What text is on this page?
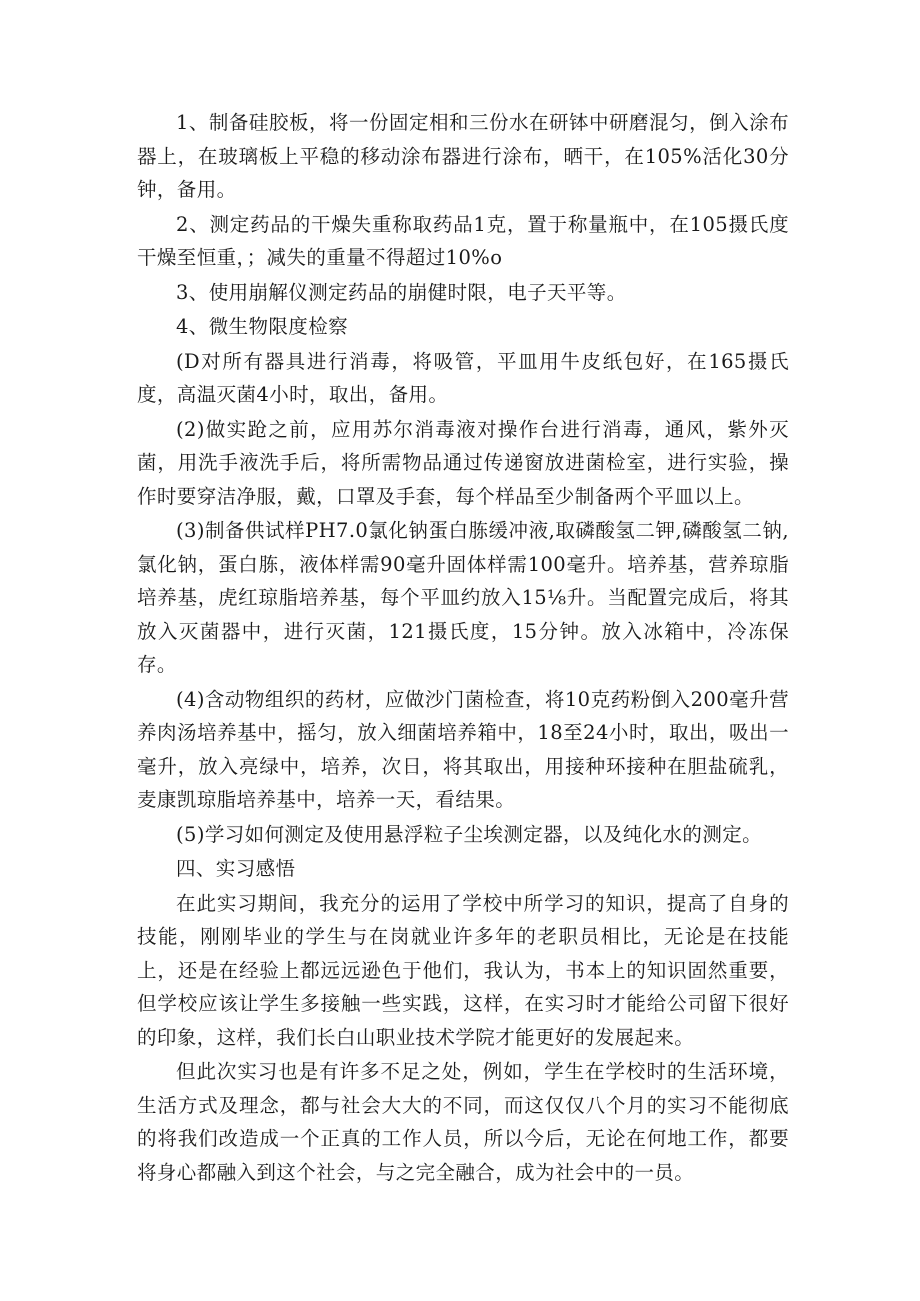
1、制备硅胶板，将一份固定相和三份水在研钵中研磨混匀，倒入涂布器上，在玻璃板上平稳的移动涂布器进行涂布，晒干，在105%活化30分钟，备用。

2、测定药品的干燥失重称取药品1克，置于称量瓶中，在105摄氏度干燥至恒重，；减失的重量不得超过10%o

3、使用崩解仪测定药品的崩健时限，电子天平等。

4、微生物限度检察

(D对所有器具进行消毒，将吸管，平皿用牛皮纸包好，在165摄氏度，高温灭菌4小时，取出，备用。

(2)做实跄之前，应用苏尔消毒液对操作台进行消毒，通风，紫外灭菌，用洗手液洗手后，将所需物品通过传递窗放进菌检室，进行实验，操作时要穿洁净服，戴，口罩及手套，每个样品至少制备两个平皿以上。

(3)制备供试样PH7.0氯化钠蛋白胨缓冲液,取磷酸氢二钾,磷酸氢二钠,氯化钠，蛋白胨，液体样需90毫升固体样需100毫升。培养基，营养琼脂培养基，虎红琼脂培养基，每个平皿约放入15⅛升。当配置完成后，将其放入灭菌器中，进行灭菌，121摄氏度，15分钟。放入冰箱中，冷冻保存。

(4)含动物组织的药材，应做沙门菌检查，将10克药粉倒入200毫升营养肉汤培养基中，摇匀，放入细菌培养箱中，18至24小时，取出，吸出一毫升，放入亮绿中，培养，次日，将其取出，用接种环接种在胆盐硫乳，麦康凯琼脂培养基中，培养一天，看结果。

(5)学习如何测定及使用悬浮粒子尘埃测定器，以及纯化水的测定。

四、实习感悟

在此实习期间，我充分的运用了学校中所学习的知识，提高了自身的技能，刚刚毕业的学生与在岗就业许多年的老职员相比，无论是在技能上，还是在经验上都远远逊色于他们，我认为，书本上的知识固然重要，但学校应该让学生多接触一些实践，这样，在实习时才能给公司留下很好的印象，这样，我们长白山职业技术学院才能更好的发展起来。

但此次实习也是有许多不足之处，例如，学生在学校时的生活环境，生活方式及理念，都与社会大大的不同，而这仅仅八个月的实习不能彻底的将我们改造成一个正真的工作人员，所以今后，无论在何地工作，都要将身心都融入到这个社会，与之完全融合，成为社会中的一员。
